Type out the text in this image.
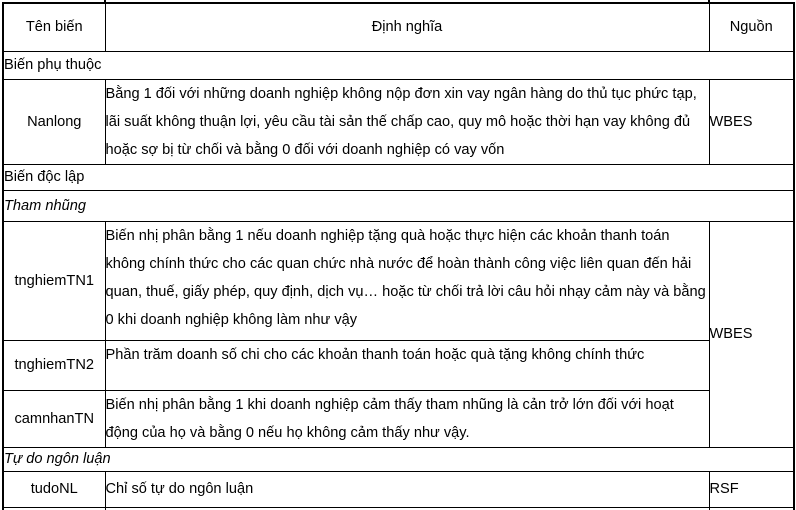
Tên biến	Định nghĩa	Nguồn
Biến phụ thuộc		
Nanlong	Bằng 1 đối với những doanh nghiệp không nộp đơn xin vay ngân hàng do thủ tục phức tạp, lãi suất không thuận lợi, yêu cầu tài sản thế chấp cao, quy mô hoặc thời hạn vay không đủ hoặc sợ bị từ chối và bằng 0 đối với doanh nghiệp có vay vốn	WBES
Biến độc lập		
Tham nhũng		
tnghiemTN1	Biến nhị phân bằng 1 nếu doanh nghiệp tặng quà hoặc thực hiện các khoản thanh toán không chính thức cho các quan chức nhà nước để hoàn thành công việc liên quan đến hải quan, thuế, giấy phép, quy định, dịch vụ… hoặc từ chối trả lời câu hỏi nhạy cảm này và bằng 0 khi doanh nghiệp không làm như vậy	WBES
tnghiemTN2	Phần trăm doanh số chi cho các khoản thanh toán hoặc quà tặng không chính thức	
camnhanTN	Biến nhị phân bằng 1 khi doanh nghiệp cảm thấy tham nhũng là cản trở lớn đối với hoạt động của họ và bằng 0 nếu họ không cảm thấy như vậy.	
Tự do ngôn luận		
tudoNL	Chỉ số tự do ngôn luận	RSF
